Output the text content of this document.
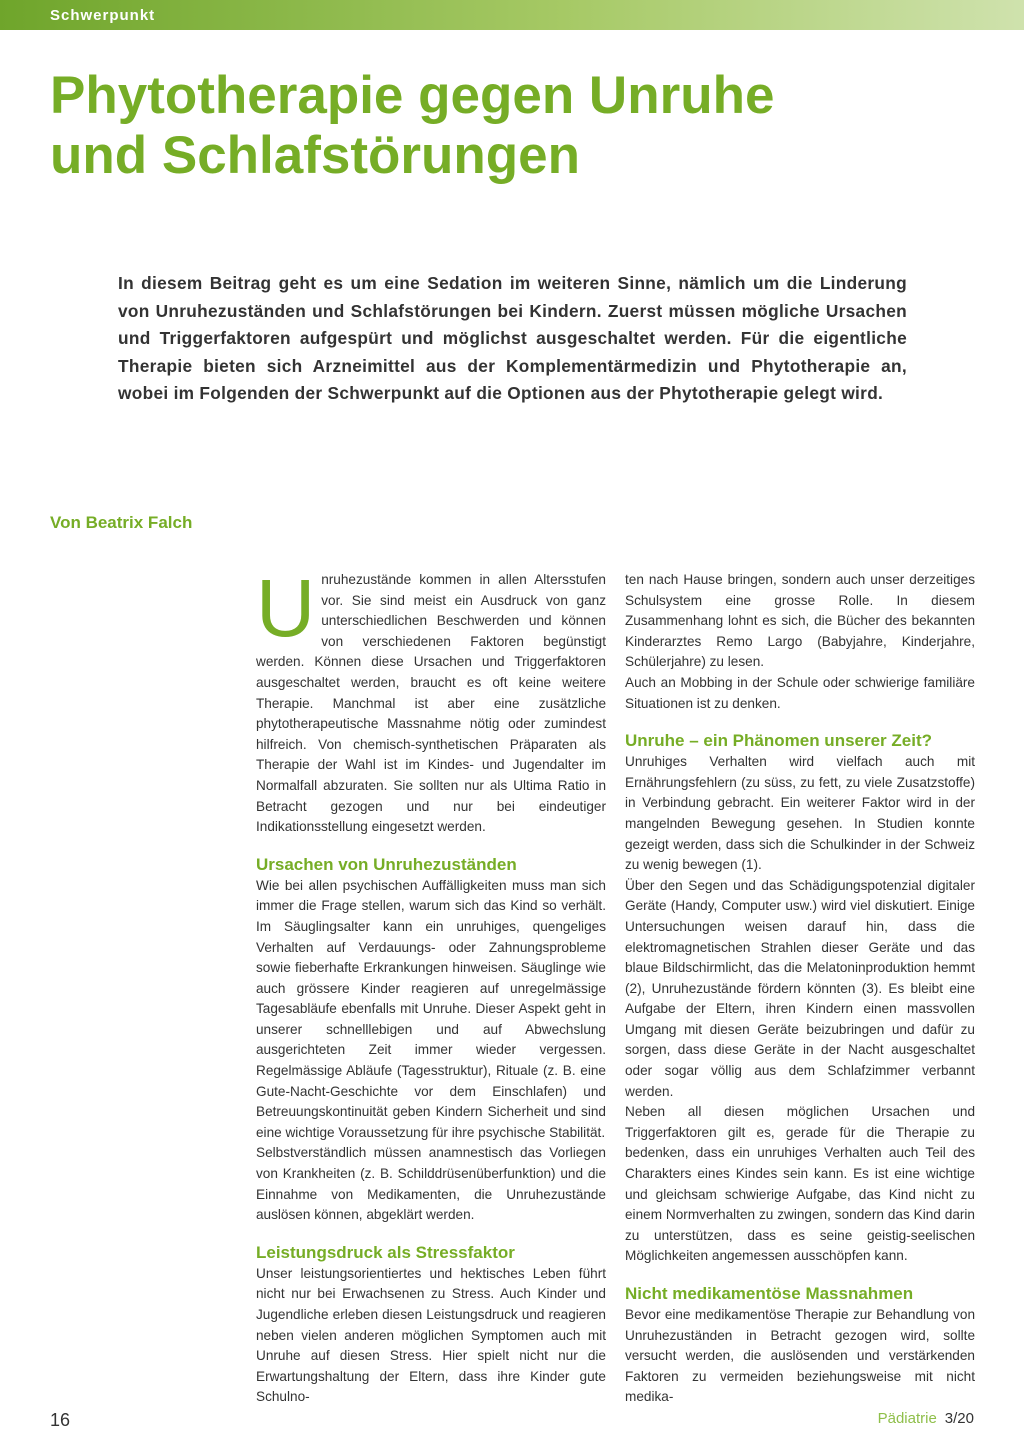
Schwerpunkt
Phytotherapie gegen Unruhe
und Schlafstörungen

In diesem Beitrag geht es um eine Sedation im weiteren Sinne, nämlich um die Linderung von Unruhezuständen und Schlafstörungen bei Kindern. Zuerst müssen mögliche Ursachen und Triggerfaktoren aufgespürt und möglichst ausgeschaltet werden. Für die eigentliche Therapie bieten sich Arzneimittel aus der Komplementärmedizin und Phytotherapie an, wobei im Folgenden der Schwerpunkt auf die Optionen aus der Phytotherapie gelegt wird.

Von Beatrix Falch

Unruhezustände kommen in allen Altersstufen vor. Sie sind meist ein Ausdruck von ganz unterschiedlichen Beschwerden und können von verschiedenen Faktoren begünstigt werden. Können diese Ursachen und Triggerfaktoren ausgeschaltet werden, braucht es oft keine weitere Therapie. Manchmal ist aber eine zusätzliche phytotherapeutische Massnahme nötig oder zumindest hilfreich. Von chemisch-synthetischen Präparaten als Therapie der Wahl ist im Kindes- und Jugendalter im Normalfall abzuraten. Sie sollten nur als Ultima Ratio in Betracht gezogen und nur bei eindeutiger Indikationsstellung eingesetzt werden.

Ursachen von Unruhezuständen

Wie bei allen psychischen Auffälligkeiten muss man sich immer die Frage stellen, warum sich das Kind so verhält. Im Säuglingsalter kann ein unruhiges, quengeliges Verhalten auf Verdauungs- oder Zahnungsprobleme sowie fieberhafte Erkrankungen hinweisen. Säuglinge wie auch grössere Kinder reagieren auf unregelmässige Tagesabläufe ebenfalls mit Unruhe. Dieser Aspekt geht in unserer schnelllebigen und auf Abwechslung ausgerichteten Zeit immer wieder vergessen. Regelmässige Abläufe (Tagesstruktur), Rituale (z. B. eine Gute-Nacht-Geschichte vor dem Einschlafen) und Betreuungskontinuität geben Kindern Sicherheit und sind eine wichtige Voraussetzung für ihre psychische Stabilität.

Selbstverständlich müssen anamnestisch das Vorliegen von Krankheiten (z. B. Schilddrüsenüberfunktion) und die Einnahme von Medikamenten, die Unruhezustände auslösen können, abgeklärt werden.

Leistungsdruck als Stressfaktor

Unser leistungsorientiertes und hektisches Leben führt nicht nur bei Erwachsenen zu Stress. Auch Kinder und Jugendliche erleben diesen Leistungsdruck und reagieren neben vielen anderen möglichen Symptomen auch mit Unruhe auf diesen Stress. Hier spielt nicht nur die Erwartungshaltung der Eltern, dass ihre Kinder gute Schulno-

ten nach Hause bringen, sondern auch unser derzeitiges Schulsystem eine grosse Rolle. In diesem Zusammenhang lohnt es sich, die Bücher des bekannten Kinderarztes Remo Largo (Babyjahre, Kinderjahre, Schülerjahre) zu lesen.

Auch an Mobbing in der Schule oder schwierige familiäre Situationen ist zu denken.

Unruhe – ein Phänomen unserer Zeit?

Unruhiges Verhalten wird vielfach auch mit Ernährungsfehlern (zu süss, zu fett, zu viele Zusatzstoffe) in Verbindung gebracht. Ein weiterer Faktor wird in der mangelnden Bewegung gesehen. In Studien konnte gezeigt werden, dass sich die Schulkinder in der Schweiz zu wenig bewegen (1).

Über den Segen und das Schädigungspotenzial digitaler Geräte (Handy, Computer usw.) wird viel diskutiert. Einige Untersuchungen weisen darauf hin, dass die elektromagnetischen Strahlen dieser Geräte und das blaue Bildschirmlicht, das die Melatoninproduktion hemmt (2), Unruhezustände fördern könnten (3). Es bleibt eine Aufgabe der Eltern, ihren Kindern einen massvollen Umgang mit diesen Geräte beizubringen und dafür zu sorgen, dass diese Geräte in der Nacht ausgeschaltet oder sogar völlig aus dem Schlafzimmer verbannt werden.

Neben all diesen möglichen Ursachen und Triggerfaktoren gilt es, gerade für die Therapie zu bedenken, dass ein unruhiges Verhalten auch Teil des Charakters eines Kindes sein kann. Es ist eine wichtige und gleichsam schwierige Aufgabe, das Kind nicht zu einem Normverhalten zu zwingen, sondern das Kind darin zu unterstützen, dass es seine geistig-seelischen Möglichkeiten angemessen ausschöpfen kann.

Nicht medikamentöse Massnahmen

Bevor eine medikamentöse Therapie zur Behandlung von Unruhezuständen in Betracht gezogen wird, sollte versucht werden, die auslösenden und verstärkenden Faktoren zu vermeiden beziehungsweise mit nicht medika-

16	Pädiatrie 3/20
